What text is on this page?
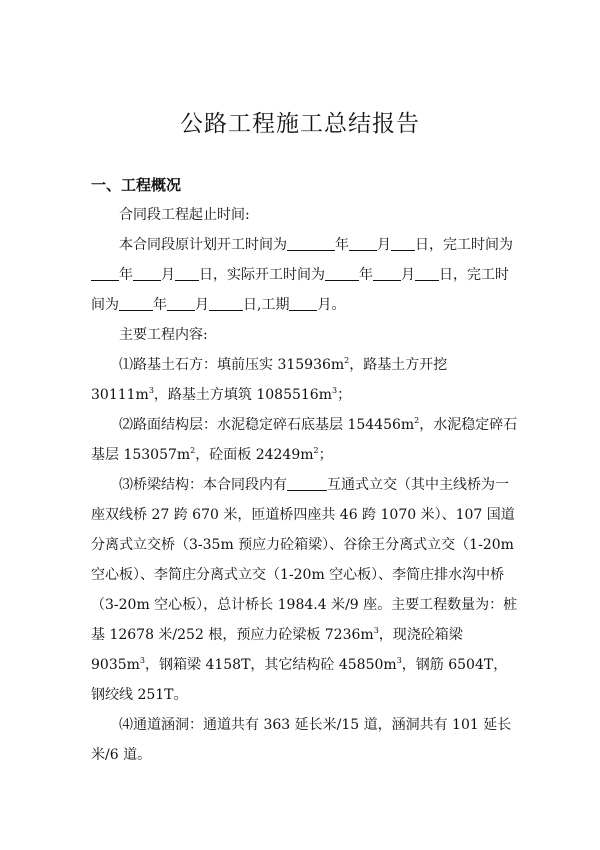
公路工程施工总结报告
一、工程概况

合同段工程起止时间:

本合同段原计划开工时间为	年 月 日，完工时间为年 月 日，实际开工时间为 年 月 日，完工时间为 年 月 日,工期 月。

主要工程内容:

⑴路基土石方：填前压实 $315936m^2$，路基土方开挖 $30111m^3$，路基土方填筑 $1085516m^3$；

⑵路面结构层：水泥稳定碎石底基层 $154456m^2$，水泥稳定碎石基层 $153057m^2$，砼面板 $24249m^2$；

⑶桥梁结构：本合同段内有	互通式立交（其中主线桥为一座双线桥 27 跨 670 米，匝道桥四座共 46 跨 1070 米）、107 国道分离式立交桥（3-35m 预应力砼箱梁）、谷徐王分离式立交（1-20m 空心板）、李简庄分离式立交（1-20m 空心板）、李简庄排水沟中桥（3-20m 空心板），总计桥长 1984.4 米/9 座。主要工程数量为：桩基 12678 米/252 根，预应力砼梁板 $7236m^3$，现浇砼箱梁 $9035m^3$，钢箱梁 4158T，其它结构砼 $45850m^3$，钢筋 6504T，钢绞线 251T。

⑷通道涵洞：通道共有 363 延长米/15 道，涵洞共有 101 延长米/6 道。
